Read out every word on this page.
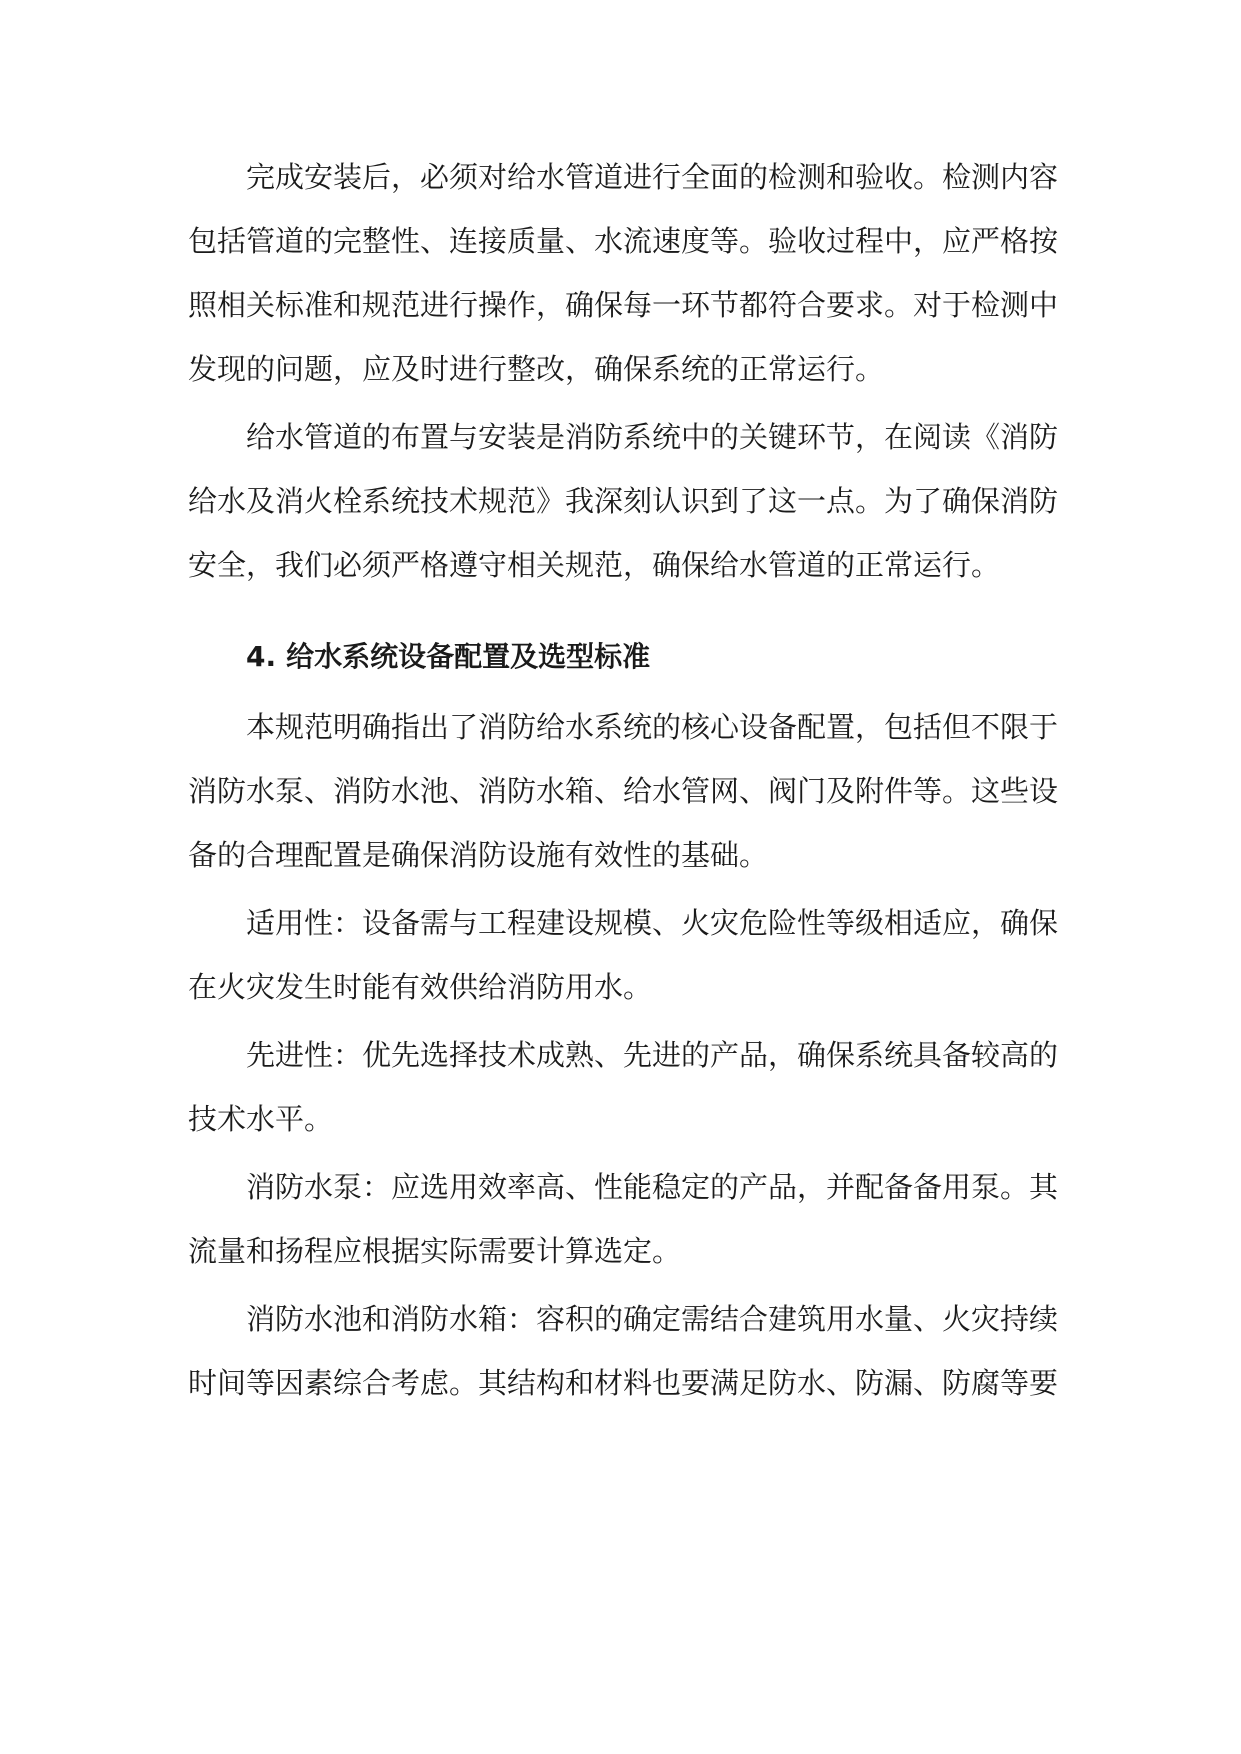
完成安装后，必须对给水管道进行全面的检测和验收。检测内容包括管道的完整性、连接质量、水流速度等。验收过程中，应严格按照相关标准和规范进行操作，确保每一环节都符合要求。对于检测中发现的问题，应及时进行整改，确保系统的正常运行。

给水管道的布置与安装是消防系统中的关键环节，在阅读《消防给水及消火栓系统技术规范》我深刻认识到了这一点。为了确保消防安全，我们必须严格遵守相关规范，确保给水管道的正常运行。

4. 给水系统设备配置及选型标准

本规范明确指出了消防给水系统的核心设备配置，包括但不限于消防水泵、消防水池、消防水箱、给水管网、阀门及附件等。这些设备的合理配置是确保消防设施有效性的基础。

适用性：设备需与工程建设规模、火灾危险性等级相适应，确保在火灾发生时能有效供给消防用水。

先进性：优先选择技术成熟、先进的产品，确保系统具备较高的技术水平。

消防水泵：应选用效率高、性能稳定的产品，并配备备用泵。其流量和扬程应根据实际需要计算选定。

消防水池和消防水箱：容积的确定需结合建筑用水量、火灾持续时间等因素综合考虑。其结构和材料也要满足防水、防漏、防腐等要
